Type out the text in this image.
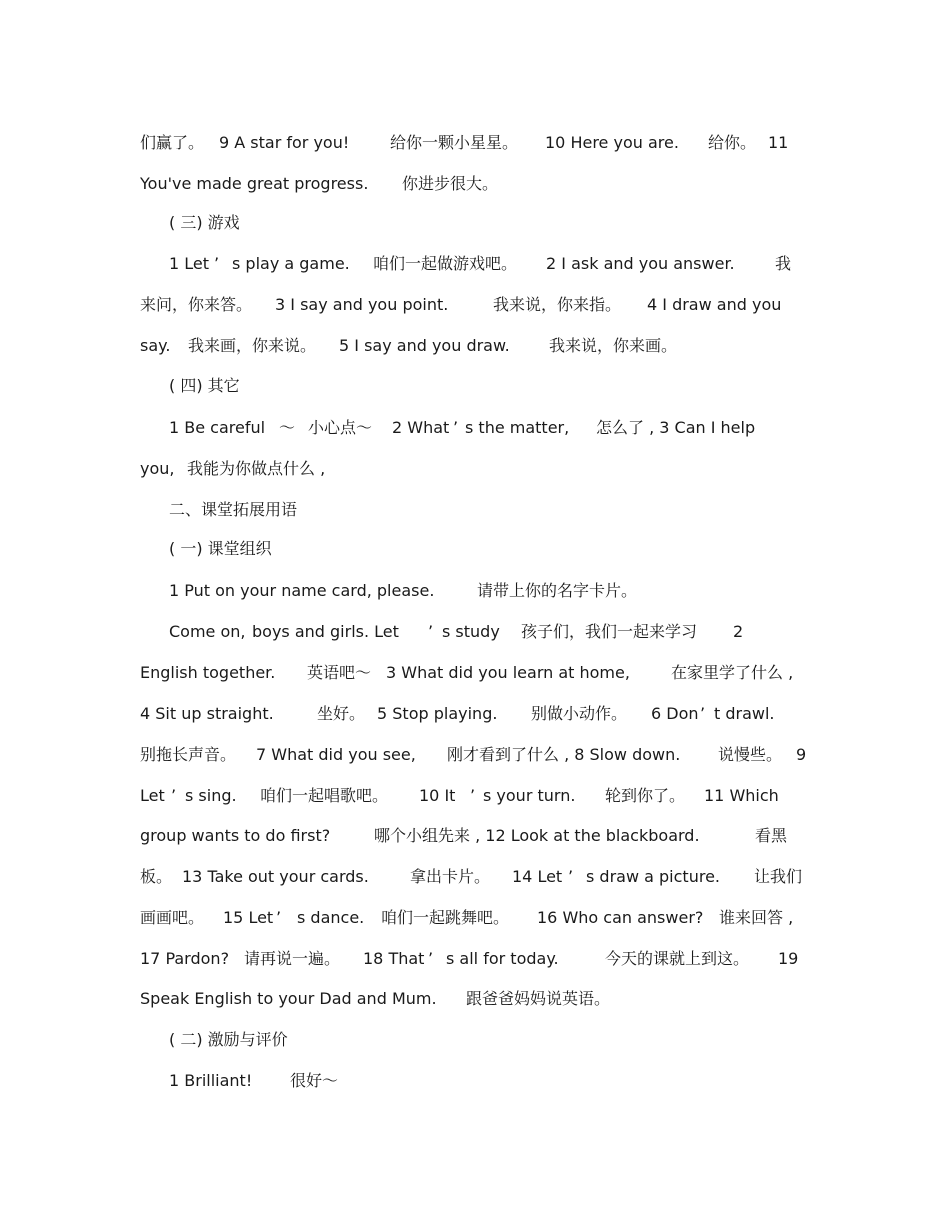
们赢了。 9 A star for you!	给你一颗小星星。 10 Here you are. 给你。 11
You've made great progress. 你进步很大。
( 三) 游戏
1 Let ’ s play a game. 咱们一起做游戏吧。 2 I ask and you answer.	我
来问，你来答。 3 I say and you point.	我来说，你来指。 4 I draw and you
say. 我来画，你来说。 5 I say and you draw. 我来说，你来画。
( 四) 其它
1 Be careful ～ 小心点～ 2 What ’ s the matter, 怎么了 , 3 Can I help
you, 我能为你做点什么 ,
二、课堂拓展用语
( 一) 课堂组织
1 Put on your name card, please.	请带上你的名字卡片。
Come on, boys and girls. Let ’ s study 孩子们，我们一起来学习 2
English together. 英语吧～ 3 What did you learn at home,	在家里学了什么 ,
4 Sit up straight.	坐好。 5 Stop playing. 别做小动作。 6 Don ’ t drawl.
别拖长声音。 7 What did you see, 刚才看到了什么 , 8 Slow down. 说慢些。 9
Let ’ s sing. 咱们一起唱歌吧。 10 It ’ s your turn. 轮到你了。 11 Which
group wants to do first?	哪个小组先来 , 12 Look at the blackboard.	看黑
板。 13 Take out your cards.	拿出卡片。 14 Let ’ s draw a picture. 让我们
画画吧。 15 Let ’ s dance. 咱们一起跳舞吧。 16 Who can answer? 谁来回答 ,
17 Pardon? 请再说一遍。 18 That ’ s all for today.	今天的课就上到这。 19
Speak English to your Dad and Mum. 跟爸爸妈妈说英语。
( 二) 激励与评价
1 Brilliant! 很好～
